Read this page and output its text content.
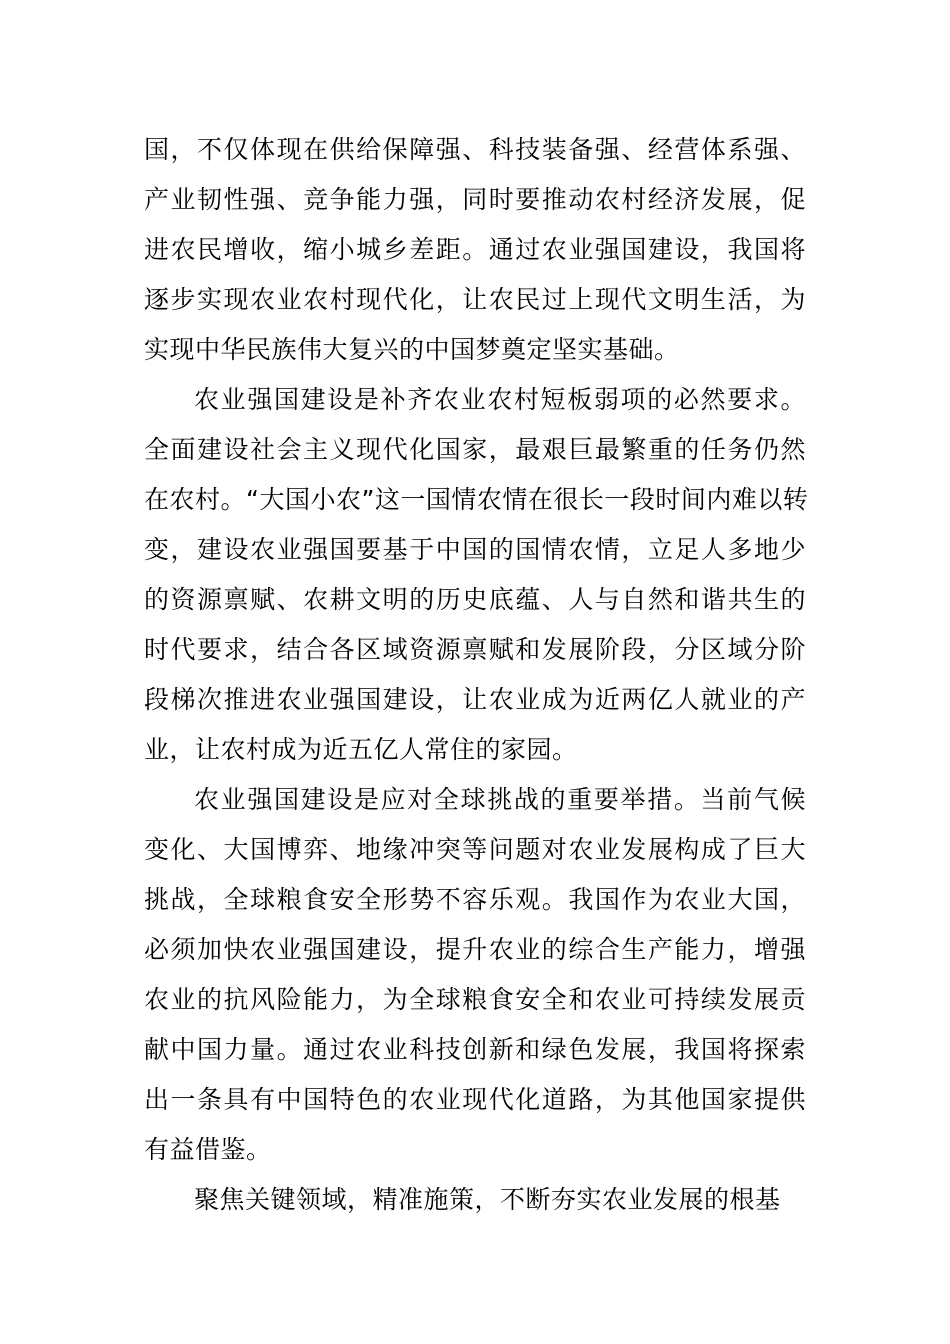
国，不仅体现在供给保障强、科技装备强、经营体系强、
产业韧性强、竞争能力强，同时要推动农村经济发展，促
进农民增收，缩小城乡差距。通过农业强国建设，我国将
逐步实现农业农村现代化，让农民过上现代文明生活，为
实现中华民族伟大复兴的中国梦奠定坚实基础。
农业强国建设是补齐农业农村短板弱项的必然要求。
全面建设社会主义现代化国家，最艰巨最繁重的任务仍然
在农村。“大国小农”这一国情农情在很长一段时间内难以转
变，建设农业强国要基于中国的国情农情，立足人多地少
的资源禀赋、农耕文明的历史底蕴、人与自然和谐共生的
时代要求，结合各区域资源禀赋和发展阶段，分区域分阶
段梯次推进农业强国建设，让农业成为近两亿人就业的产
业，让农村成为近五亿人常住的家园。
农业强国建设是应对全球挑战的重要举措。当前气候
变化、大国博弈、地缘冲突等问题对农业发展构成了巨大
挑战，全球粮食安全形势不容乐观。我国作为农业大国，
必须加快农业强国建设，提升农业的综合生产能力，增强
农业的抗风险能力，为全球粮食安全和农业可持续发展贡
献中国力量。通过农业科技创新和绿色发展，我国将探索
出一条具有中国特色的农业现代化道路，为其他国家提供
有益借鉴。
聚焦关键领域，精准施策，不断夯实农业发展的根基
